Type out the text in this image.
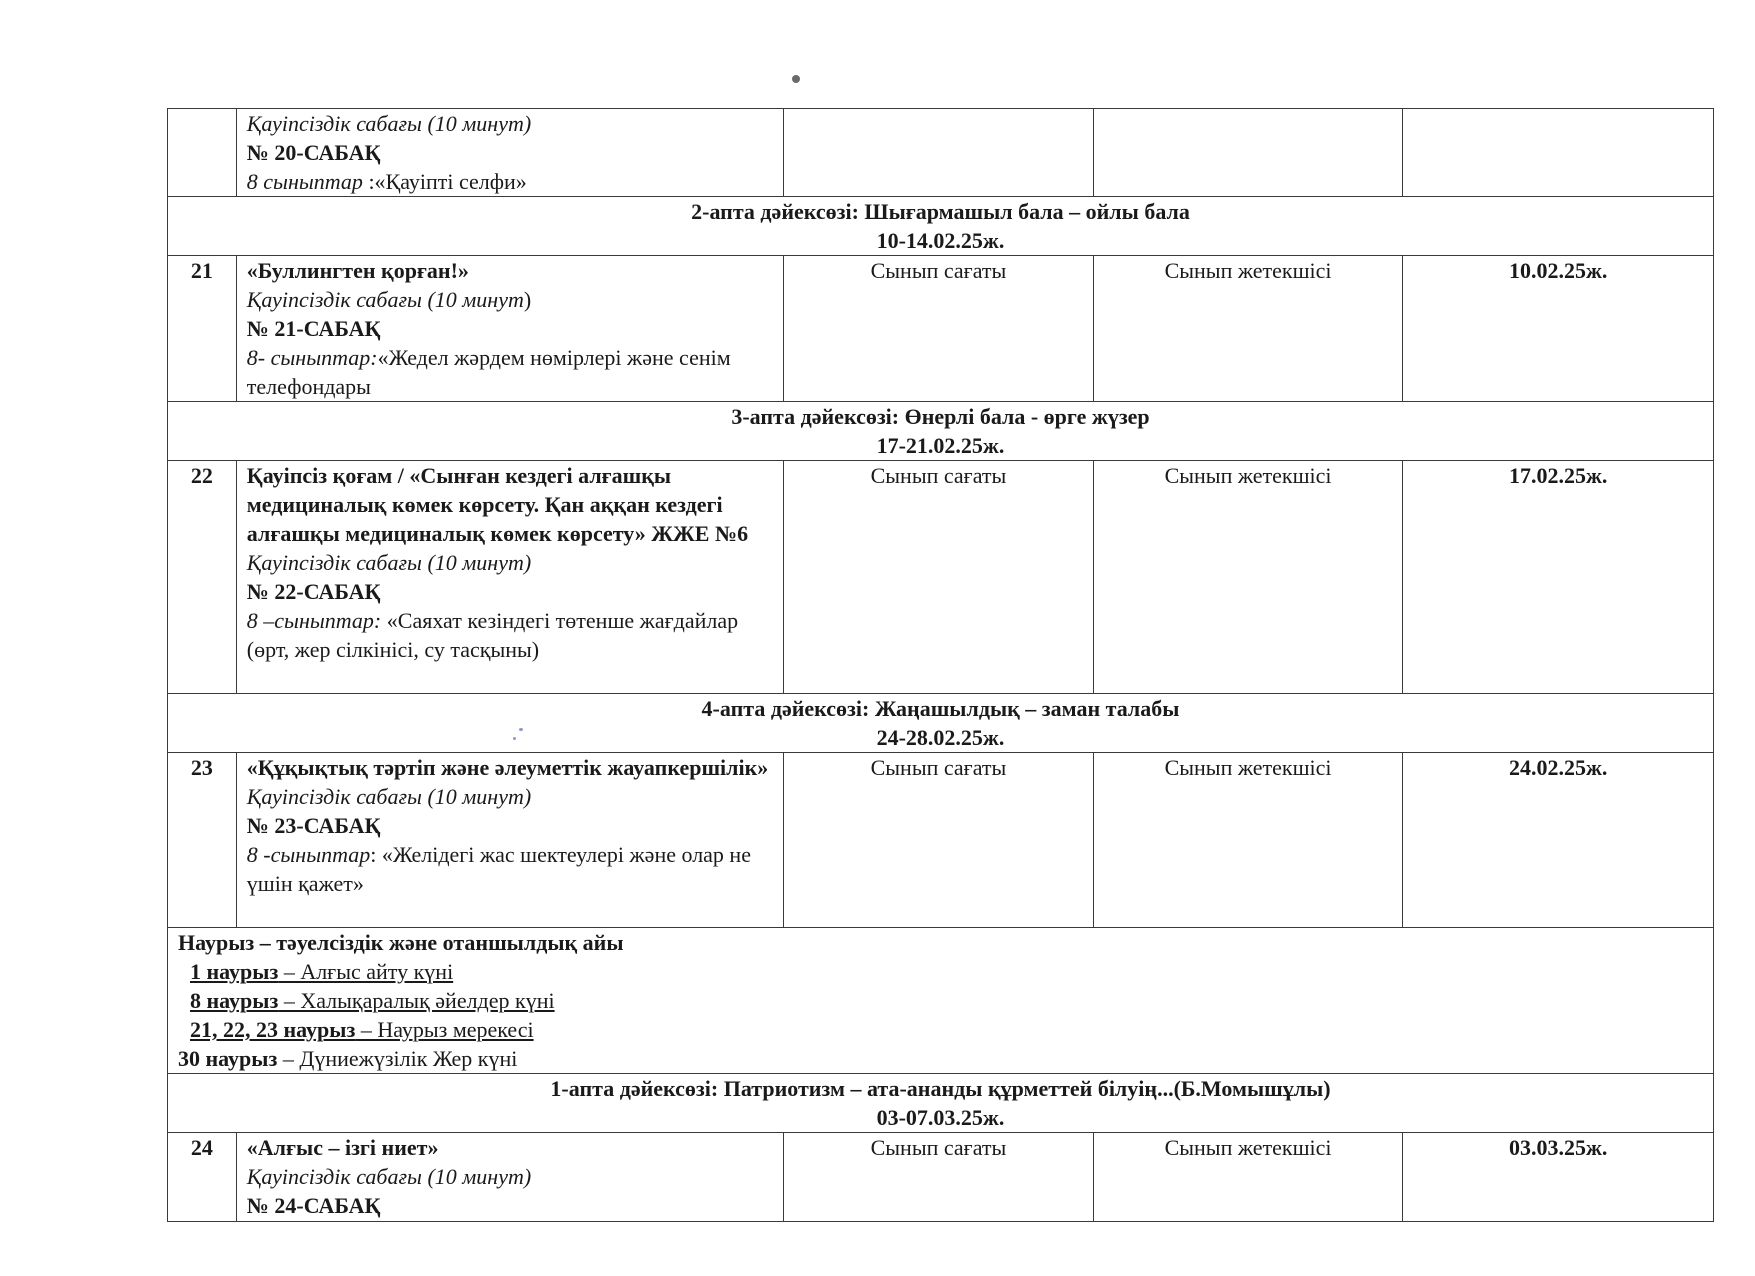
	Қауіпсіздік сабағы (10 минут)
№ 20-САБАҚ
8 сыныптар :«Қауіпті селфи»			

2-апта дәйексөзі: Шығармашыл бала – ойлы бала
10-14.02.25ж.				

21	«Буллингтен қорған!»
Қауіпсіздік сабағы (10 минут)
№ 21-САБАҚ
8- сыныптар:«Жедел жәрдем нөмірлері және сенім телефондары	Сынып сағаты	Сынып жетекшісі	10.02.25ж.

3-апта дәйексөзі: Өнерлі бала - өрге жүзер
17-21.02.25ж.				

22	Қауіпсіз қоғам / «Сынған кездегі алғашқы медициналық көмек көрсету. Қан аққан кездегі алғашқы медициналық көмек көрсету» ЖЖЕ №6
Қауіпсіздік сабағы (10 минут)
№ 22-САБАҚ
8 –сыныптар: «Саяхат кезіндегі төтенше жағдайлар (өрт, жер сілкінісі, су тасқыны)	Сынып сағаты	Сынып жетекшісі	17.02.25ж.

4-апта дәйексөзі: Жаңашылдық – заман талабы
24-28.02.25ж.				

23	«Құқықтық тәртіп және әлеуметтік жауапкершілік»
Қауіпсіздік сабағы (10 минут)
№ 23-САБАҚ
8 -сыныптар: «Желідегі жас шектеулері және олар не үшін қажет»	Сынып сағаты	Сынып жетекшісі	24.02.25ж.

Наурыз – тәуелсіздік және отаншылдық айы
1 наурыз – Алғыс айту күні
8 наурыз – Халықаралық әйелдер күні
21, 22, 23 наурыз – Наурыз мерекесі
30 наурыз – Дүниежүзілік Жер күні				

1-апта дәйексөзі: Патриотизм – ата-ананды құрметтей білуің...(Б.Момышұлы)
03-07.03.25ж.				

24	«Алғыс – ізгі ниет»
Қауіпсіздік сабағы (10 минут)
№ 24-САБАҚ	Сынып сағаты	Сынып жетекшісі	03.03.25ж.
